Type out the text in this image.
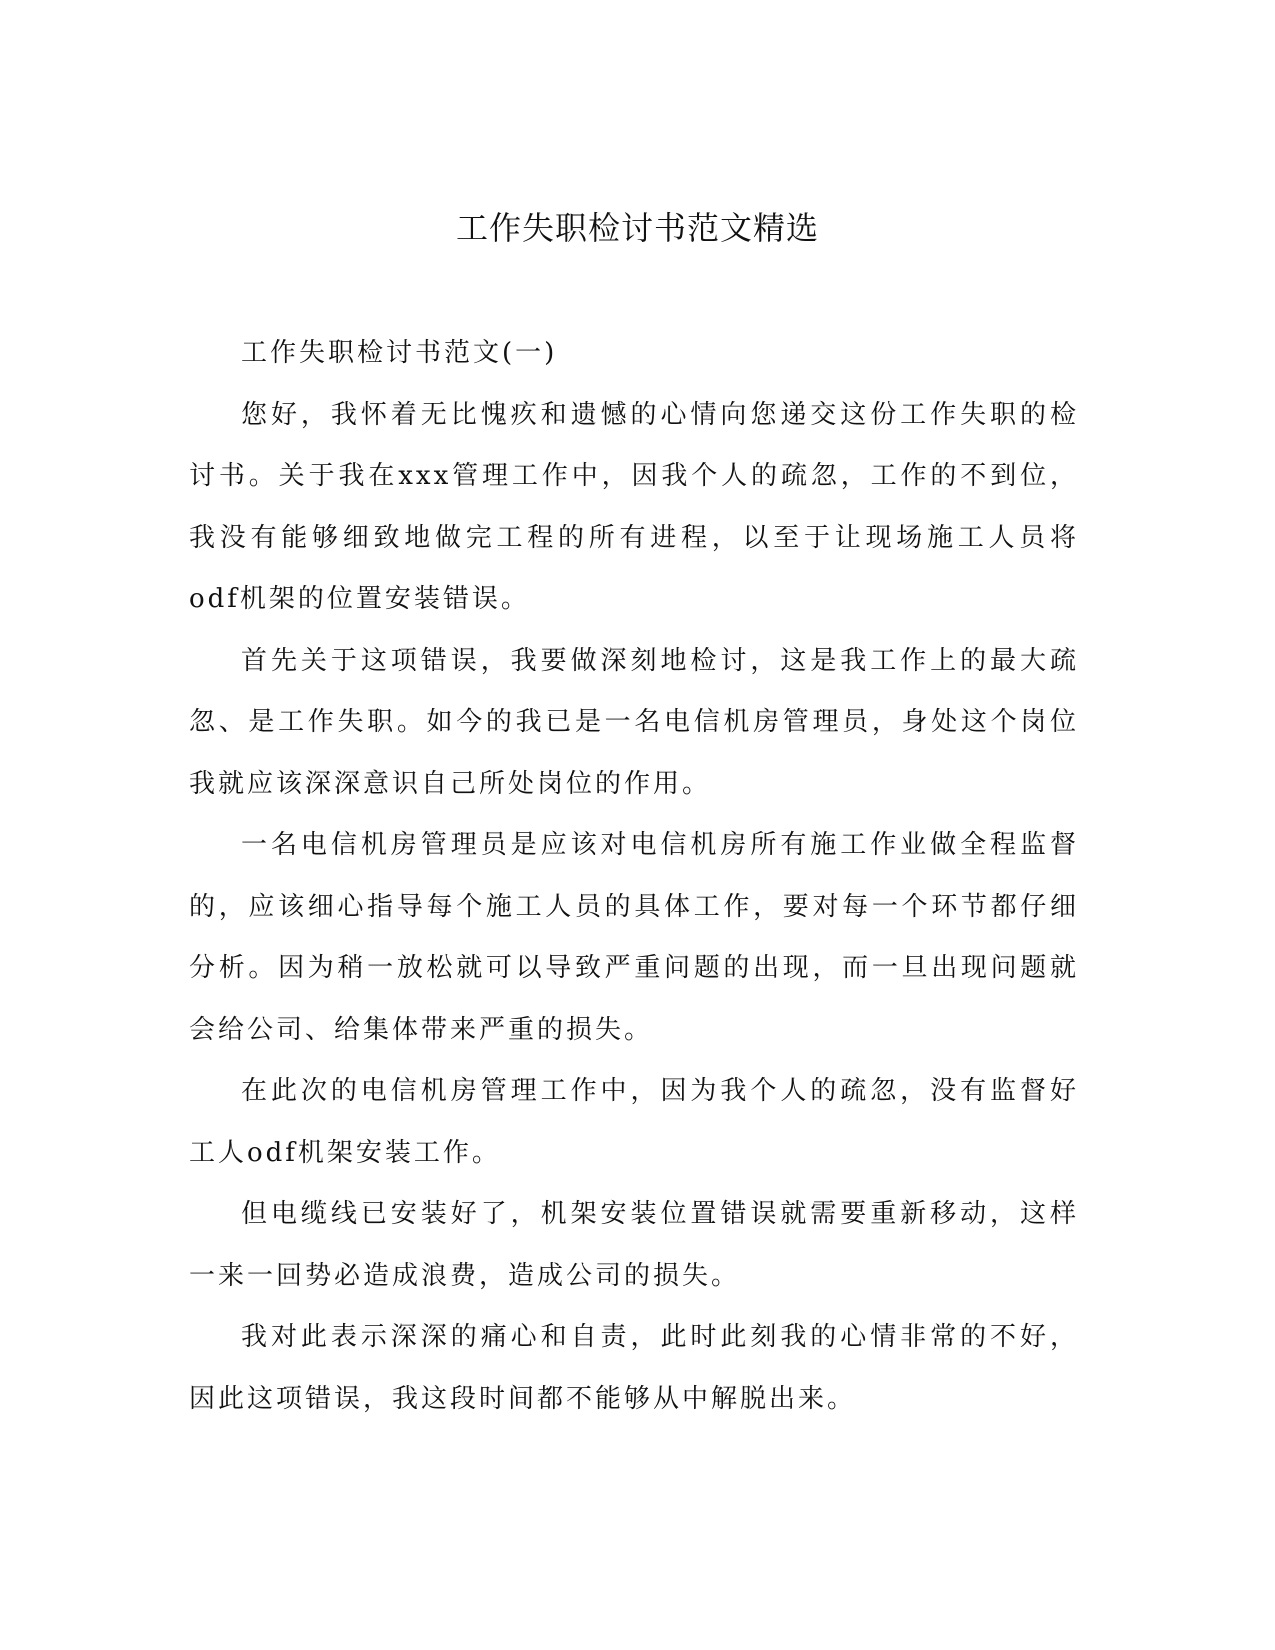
工作失职检讨书范文精选

工作失职检讨书范文(一)

您好，我怀着无比愧疚和遗憾的心情向您递交这份工作失职的检讨书。关于我在xxx管理工作中，因我个人的疏忽，工作的不到位，我没有能够细致地做完工程的所有进程，以至于让现场施工人员将odf机架的位置安装错误。

首先关于这项错误，我要做深刻地检讨，这是我工作上的最大疏忽、是工作失职。如今的我已是一名电信机房管理员，身处这个岗位我就应该深深意识自己所处岗位的作用。

一名电信机房管理员是应该对电信机房所有施工作业做全程监督的，应该细心指导每个施工人员的具体工作，要对每一个环节都仔细分析。因为稍一放松就可以导致严重问题的出现，而一旦出现问题就会给公司、给集体带来严重的损失。

在此次的电信机房管理工作中，因为我个人的疏忽，没有监督好工人odf机架安装工作。

但电缆线已安装好了，机架安装位置错误就需要重新移动，这样一来一回势必造成浪费，造成公司的损失。

我对此表示深深的痛心和自责，此时此刻我的心情非常的不好，因此这项错误，我这段时间都不能够从中解脱出来。
